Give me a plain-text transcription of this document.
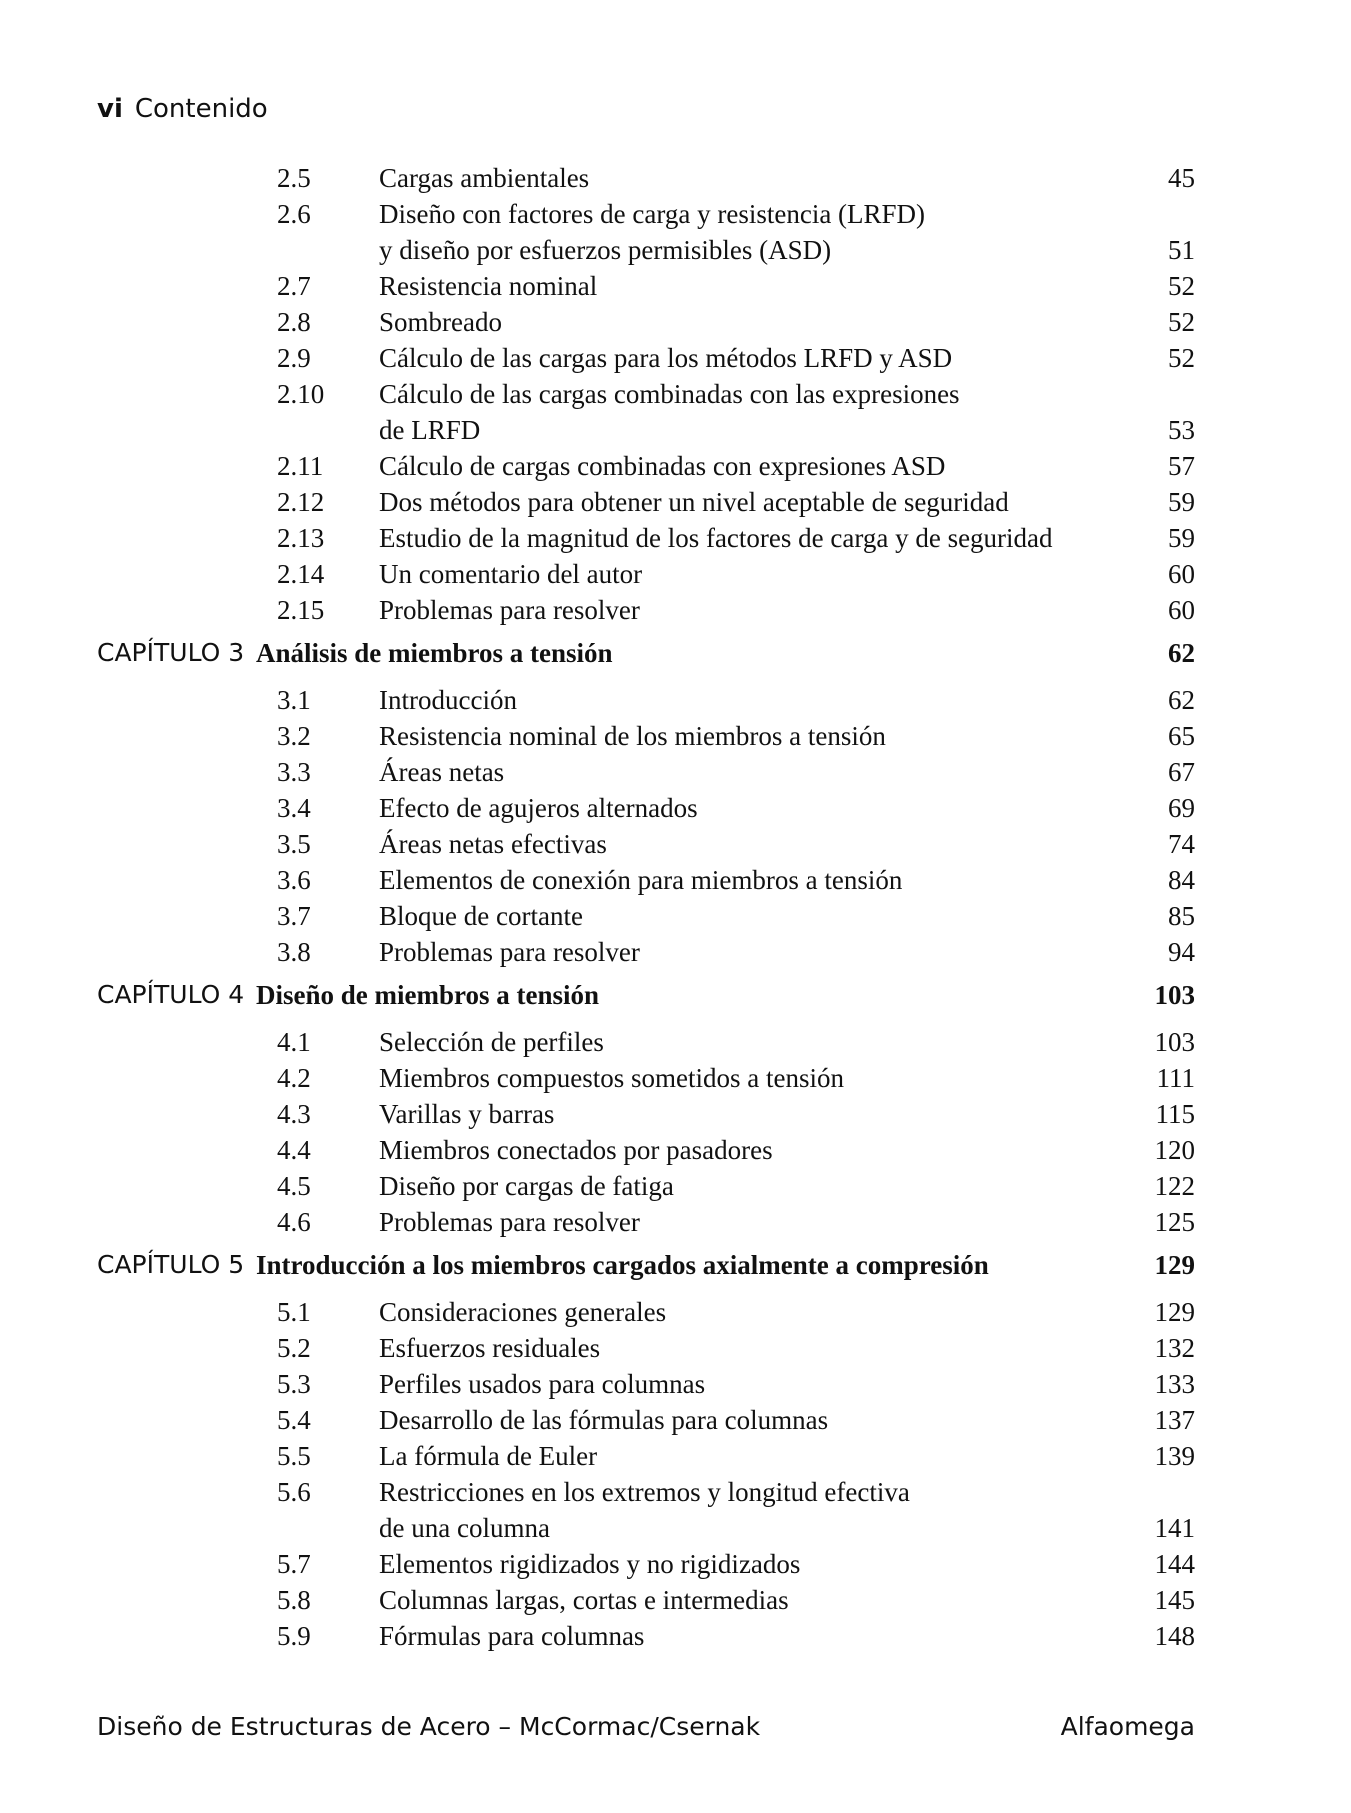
vi Contenido
2.5	Cargas ambientales	45
2.6	Diseño con factores de carga y resistencia (LRFD)
y diseño por esfuerzos permisibles (ASD)	51
2.7	Resistencia nominal	52
2.8	Sombreado	52
2.9	Cálculo de las cargas para los métodos LRFD y ASD	52
2.10 Cálculo de las cargas combinadas con las expresiones
de LRFD	53
2.11 Cálculo de cargas combinadas con expresiones ASD	57
2.12 Dos métodos para obtener un nivel aceptable de seguridad	59
2.13 Estudio de la magnitud de los factores de carga y de seguridad	59
2.14 Un comentario del autor	60
2.15 Problemas para resolver	60
CAPÍTULO 3 Análisis de miembros a tensión	62
3.1	Introducción	62
3.2	Resistencia nominal de los miembros a tensión	65
3.3	Áreas netas	67
3.4	Efecto de agujeros alternados	69
3.5	Áreas netas efectivas	74
3.6	Elementos de conexión para miembros a tensión	84
3.7	Bloque de cortante	85
3.8	Problemas para resolver	94
CAPÍTULO 4 Diseño de miembros a tensión	103
4.1	Selección de perfiles	103
4.2	Miembros compuestos sometidos a tensión	111
4.3	Varillas y barras	115
4.4	Miembros conectados por pasadores	120
4.5	Diseño por cargas de fatiga	122
4.6	Problemas para resolver	125
CAPÍTULO 5 Introducción a los miembros cargados axialmente a compresión	129
5.1	Consideraciones generales	129
5.2	Esfuerzos residuales	132
5.3	Perfiles usados para columnas	133
5.4	Desarrollo de las fórmulas para columnas	137
5.5	La fórmula de Euler	139
5.6	Restricciones en los extremos y longitud efectiva
de una columna	141
5.7	Elementos rigidizados y no rigidizados	144
5.8	Columnas largas, cortas e intermedias	145
5.9	Fórmulas para columnas	148
Diseño de Estructuras de Acero – McCormac/Csernak	Alfaomega
